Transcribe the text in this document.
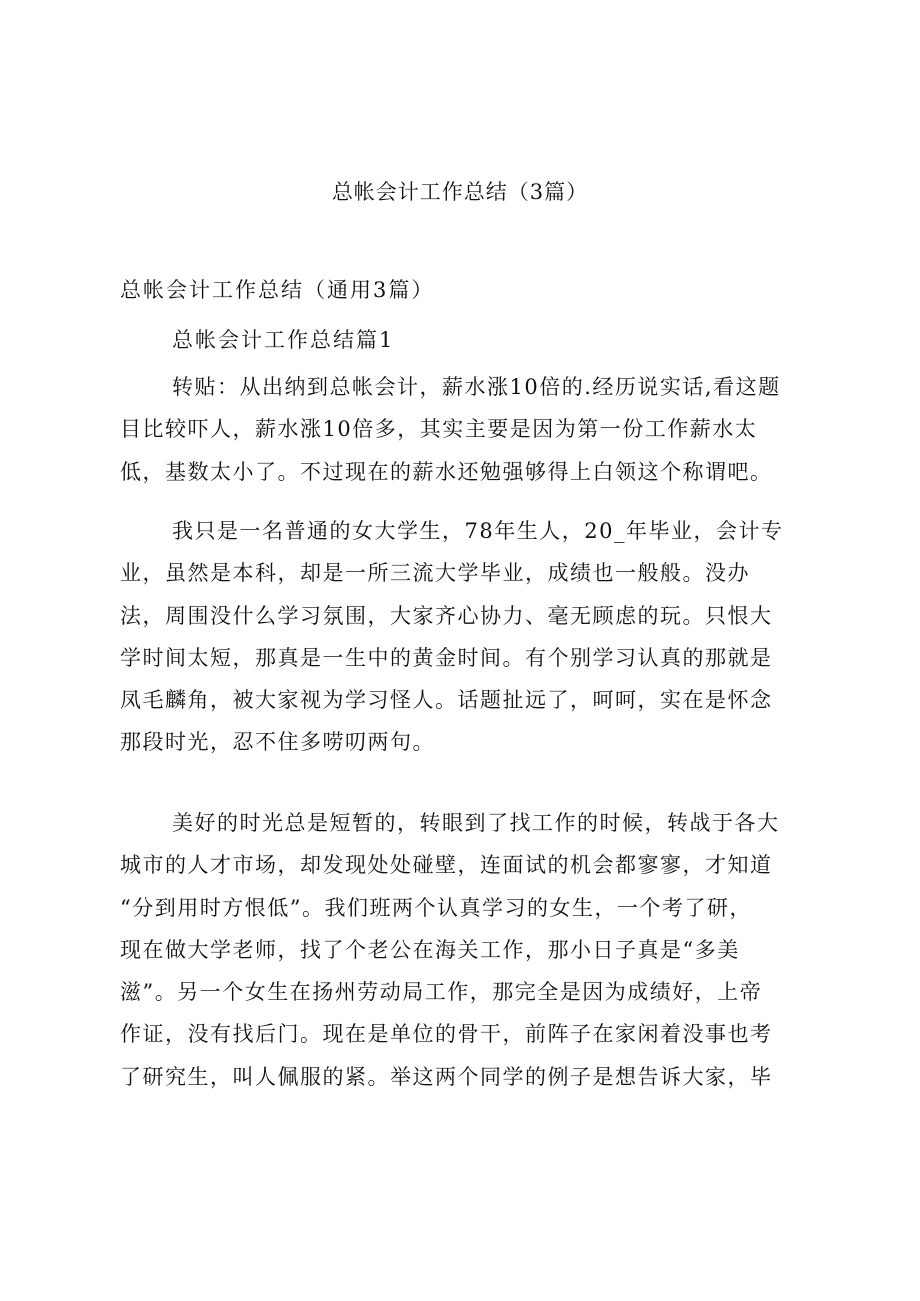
总帐会计工作总结（3篇）

总帐会计工作总结（通用3篇）

总帐会计工作总结篇1

转贴：从出纳到总帐会计，薪水涨10倍的.经历说实话,看这题
目比较吓人，薪水涨10倍多，其实主要是因为第一份工作薪水太
低，基数太小了。不过现在的薪水还勉强够得上白领这个称谓吧。

我只是一名普通的女大学生，78年生人，20_年毕业，会计专
业，虽然是本科，却是一所三流大学毕业，成绩也一般般。没办
法，周围没什么学习氛围，大家齐心协力、毫无顾虑的玩。只恨大
学时间太短，那真是一生中的黄金时间。有个别学习认真的那就是
凤毛麟角，被大家视为学习怪人。话题扯远了，呵呵，实在是怀念
那段时光，忍不住多唠叨两句。

美好的时光总是短暂的，转眼到了找工作的时候，转战于各大
城市的人才市场，却发现处处碰壁，连面试的机会都寥寥，才知道
“分到用时方恨低”。我们班两个认真学习的女生，一个考了研，
现在做大学老师，找了个老公在海关工作，那小日子真是“多美
滋”。另一个女生在扬州劳动局工作，那完全是因为成绩好，上帝
作证，没有找后门。现在是单位的骨干，前阵子在家闲着没事也考
了研究生，叫人佩服的紧。举这两个同学的例子是想告诉大家，毕
